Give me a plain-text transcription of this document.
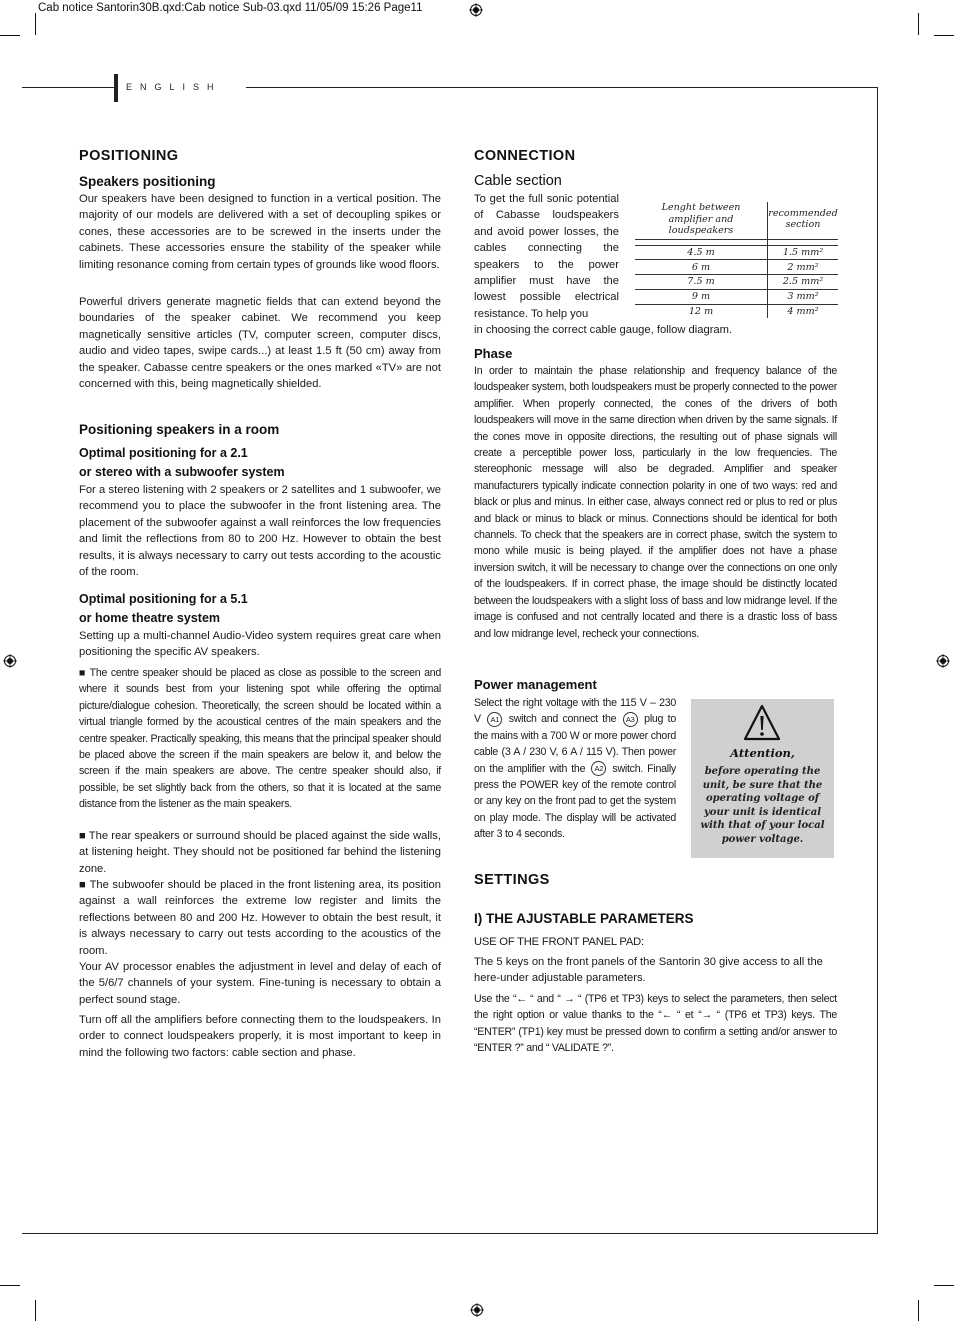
Cab notice Santorin30B.qxd:Cab notice Sub-03.qxd 11/05/09 15:26 Page11
ENGLISH
POSITIONING
Speakers positioning

Our speakers have been designed to function in a vertical position. The majority of our models are delivered with a set of decoupling spikes or cones, these accessories are to be screwed in the inserts under the cabinets. These accessories ensure the stability of the speaker while limiting resonance coming from certain types of grounds like wood floors.

Powerful drivers generate magnetic fields that can extend beyond the boundaries of the speaker cabinet. We recommend you keep magnetically sensitive articles (TV, computer screen, computer discs, audio and video tapes, swipe cards...) at least 1.5 ft (50 cm) away from the speaker. Cabasse centre speakers or the ones marked «TV» are not concerned with this, being magnetically shielded.

Positioning speakers in a room
Optimal positioning for a 2.1
or stereo with a subwoofer system

For a stereo listening with 2 speakers or 2 satellites and 1 subwoofer, we recommend you to place the subwoofer in the front listening area. The placement of the subwoofer against a wall reinforces the low frequencies and limit the reflections from 80 to 200 Hz. However to obtain the best results, it is always necessary to carry out tests according to the acoustic of the room.

Optimal positioning for a 5.1
or home theatre system

Setting up a multi-channel Audio-Video system requires great care when positioning the specific AV speakers.

■ The centre speaker should be placed as close as possible to the screen and where it sounds best from your listening spot while offering the optimal picture/dialogue cohesion. Theoretically, the screen should be located within a virtual triangle formed by the acoustical centres of the main speakers and the centre speaker. Practically speaking, this means that the principal speaker should be placed above the screen if the main speakers are below it, and below the screen if the main speakers are above. The centre speaker should also, if possible, be set slightly back from the others, so that it is located at the same distance from the listener as the main speakers.

■ The rear speakers or surround should be placed against the side walls, at listening height. They should not be positioned far behind the listening zone.

■ The subwoofer should be placed in the front listening area, its position against a wall reinforces the extreme low register and limits the reflections between 80 and 200 Hz. However to obtain the best result, it is always necessary to carry out tests according to the acoustics of the room.

Your AV processor enables the adjustment in level and delay of each of the 5/6/7 channels of your system. Fine-tuning is necessary to obtain a perfect sound stage.

Turn off all the amplifiers before connecting them to the loudspeakers. In order to connect loudspeakers properly, it is most important to keep in mind the following two factors: cable section and phase.

CONNECTION
Cable section

To get the full sonic potential of Cabasse loudspeakers and avoid power losses, the cables connecting the speakers to the power amplifier must have the lowest possible electrical resistance. To help you

in choosing the correct cable gauge, follow diagram.

Lenght between
amplifier and loudspeakers	recommended
section

4.5 m	1.5 mm²
6 m	2 mm²
7.5 m	2.5 mm²
9 m	3 mm²
12 m	4 mm²
Phase

In order to maintain the phase relationship and frequency balance of the loudspeaker system, both loudspeakers must be properly connected to the power amplifier. When properly connected, the cones of the drivers of both loudspeakers will move in the same direction when driven by the same signals. If the cones move in opposite directions, the resulting out of phase signals will create a perceptible power loss, particularly in the low frequencies. The stereophonic message will also be degraded. Amplifier and speaker manufacturers typically indicate connection polarity in one of two ways: red and black or plus and minus. In either case, always connect red or plus to red or plus and black or minus to black or minus. Connections should be identical for both channels. To check that the speakers are in correct phase, switch the system to mono while music is being played. if the amplifier does not have a phase inversion switch, it will be necessary to change over the connections on one only of the loudspeakers. If in correct phase, the image should be distinctly located between the loudspeakers with a slight loss of bass and low midrange level. If the image is confused and not centrally located and there is a drastic loss of bass and low midrange level, recheck your connections.

Power management

Select the right voltage with the 115 V – 230 V A1 switch and connect the A3 plug to the mains with a 700 W or more power chord cable (3 A / 230 V, 6 A / 115 V). Then power on the amplifier with the A2 switch. Finally press the POWER key of the remote control or any key on the front pad to get the system on play mode. The display will be activated after 3 to 4 seconds.

Attention,
before operating the unit, be sure that the operating voltage of your unit is identical with that of your local power voltage.
SETTINGS
I) THE AJUSTABLE PARAMETERS

USE OF THE FRONT PANEL PAD:

The 5 keys on the front panels of the Santorin 30 give access to all the here-under adjustable parameters.

Use the “← “ and “ → “ (TP6 et TP3) keys to select the parameters, then select the right option or value thanks to the “← “ et “→ “ (TP6 et TP3) keys. The “ENTER” (TP1) key must be pressed down to confirm a setting and/or answer to “ENTER ?” and “ VALIDATE ?”.
